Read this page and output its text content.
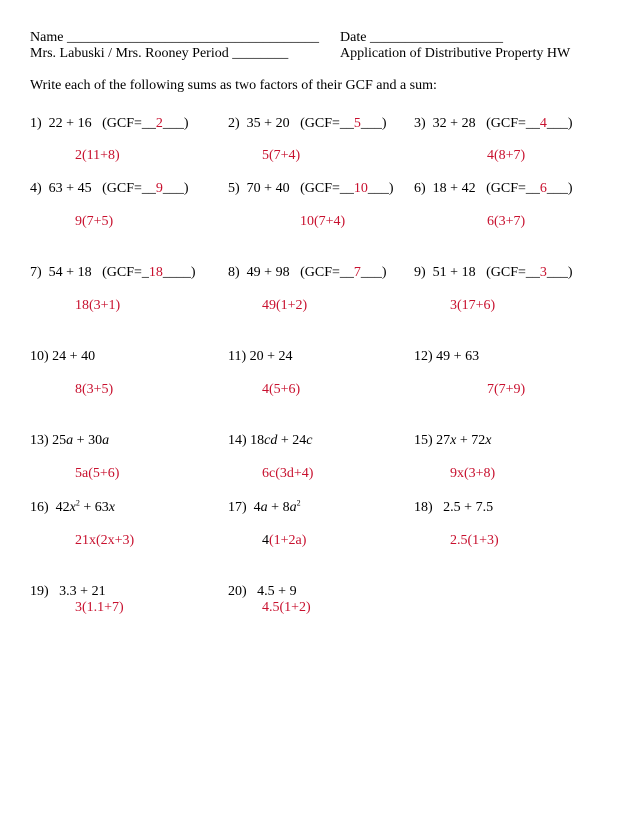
Name ____________________________________ Date ___________________
Mrs. Labuski / Mrs. Rooney Period ________	Application of Distributive Property HW
Write each of the following sums as two factors of their GCF and a sum:
1) 22 + 16 (GCF=__2___)
2(11+8)
2) 35 + 20 (GCF=__5___)
5(7+4)
3) 32 + 28 (GCF=__4___)
4(8+7)
4) 63 + 45 (GCF=__9___)
9(7+5)
5) 70 + 40 (GCF=__10___)
10(7+4)
6) 18 + 42 (GCF=__6___)
6(3+7)
7) 54 + 18 (GCF=_18____)
18(3+1)
8) 49 + 98 (GCF=__7___)
49(1+2)
9) 51 + 18 (GCF=__3___)
3(17+6)
10) 24 + 40
8(3+5)
11) 20 + 24
4(5+6)
12) 49 + 63
7(7+9)
13) 25a + 30a
5a(5+6)
14) 18cd + 24c
6c(3d+4)
15) 27x + 72x
9x(3+8)
16) $42x^2 + 63x$
21x(2x+3)
17) $4a + 8a^2$
4(1+2a)
18) 2.5 + 7.5
2.5(1+3)
19) 3.3 + 21
3(1.1+7)
20) 4.5 + 9
4.5(1+2)
